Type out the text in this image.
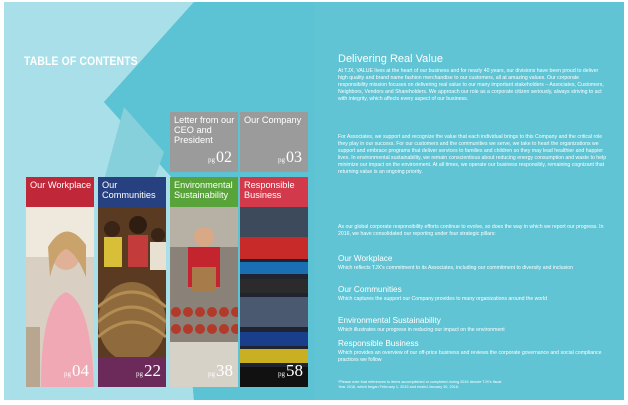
TABLE OF CONTENTS
Letter from our CEO and President
pg02
Our Company
pg03
Our Workplace
pg04
Our Communities
pg22
Environmental Sustainability
pg38
Responsible Business
pg58
Delivering Real Value
At TJX, VALUE lives at the heart of our business and for nearly 40 years, our divisions have been proud to deliver high quality and brand name fashion merchandise to our customers, all at amazing values. Our corporate responsibility mission focuses on delivering real value to our many important stakeholders – Associates, Customers, Neighbors, Vendors and Shareholders. We approach our role as a corporate citizen seriously, always striving to act with integrity, which affects every aspect of our business.
For Associates, we support and recognize the value that each individual brings to this Company and the critical role they play in our success. For our customers and the communities we serve, we take to heart the organizations we support and embrace programs that deliver services to families and children so they may lead healthier and happier lives. In environmental sustainability, we remain conscientious about reducing energy consumption and waste to help minimize our impact on the environment. At all times, we operate our business responsibly, remaining cognizant that returning value is an ongoing priority.
As our global corporate responsibility efforts continue to evolve, so does the way in which we report our progress. In 2016, we have consolidated our reporting under four strategic pillars:
Our Workplace
Which reflects TJX's commitment to its Associates, including our commitment to diversity and inclusion
Our Communities
Which captures the support our Company provides to many organizations around the world
Environmental Sustainability
Which illustrates our progress in reducing our impact on the environment
Responsible Business
Which provides an overview of our off-price business and reviews the corporate governance and social compliance practices we follow
*Please note that references to items accomplished or completed during 2016 denote TJX's fiscal Year 2016, which began February 1, 2015 and ended January 30, 2016.
